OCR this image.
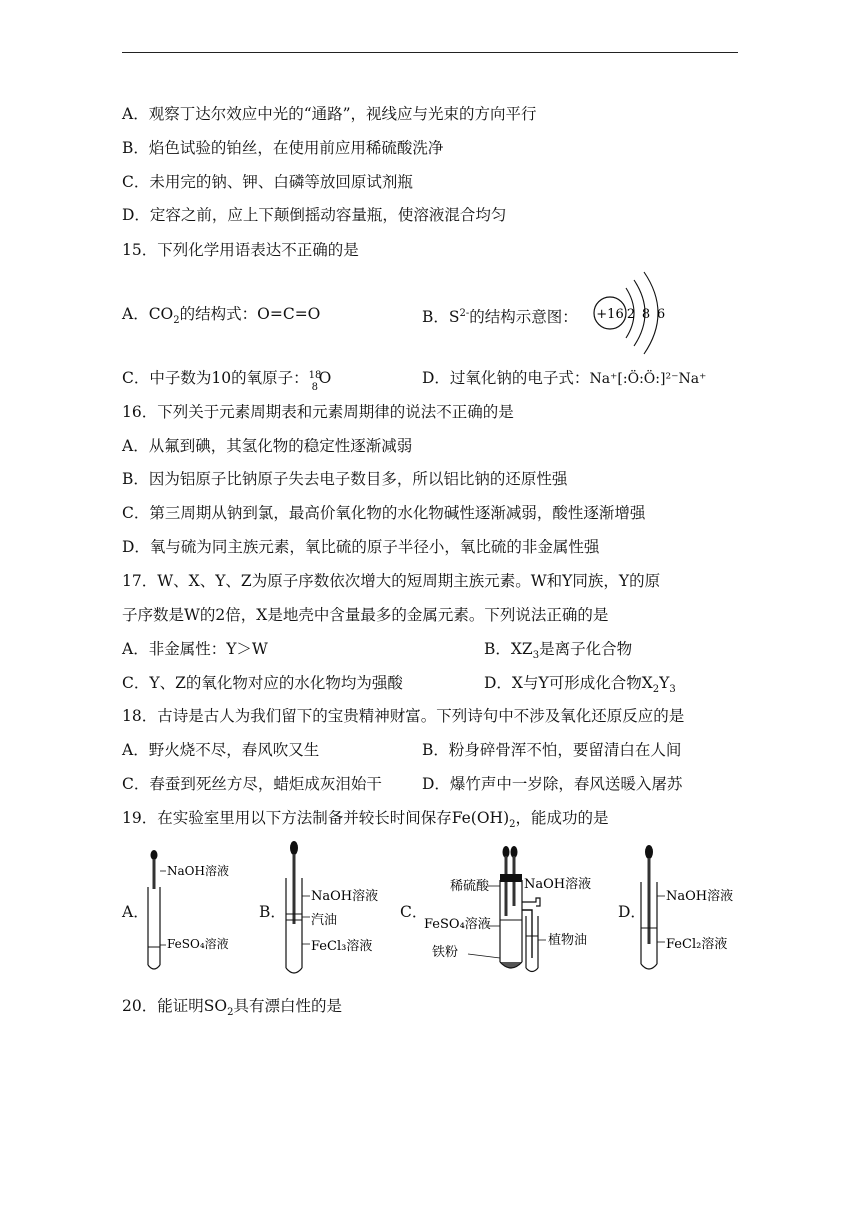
A．观察丁达尔效应中光的“通路”，视线应与光束的方向平行
B．焰色试验的铂丝，在使用前应用稀硫酸洗净
C．未用完的钠、钾、白磷等放回原试剂瓶
D．定容之前，应上下颠倒摇动容量瓶，使溶液混合均匀
15．下列化学用语表达不正确的是
A．$CO_2$的结构式：O=C=O	B．$S^{2-}$的结构示意图： +16 2 8 6
C．中子数为10的氧原子： 18
8
O	D．过氧化钠的电子式：Na⁺[:Ö:Ö:]²⁻Na⁺
16．下列关于元素周期表和元素周期律的说法不正确的是
A．从氟到碘，其氢化物的稳定性逐渐减弱
B．因为铝原子比钠原子失去电子数目多，所以铝比钠的还原性强
C．第三周期从钠到氯，最高价氧化物的水化物碱性逐渐减弱，酸性逐渐增强
D．氧与硫为同主族元素，氧比硫的原子半径小，氧比硫的非金属性强
17．W、X、Y、Z为原子序数依次增大的短周期主族元素。W和Y同族，Y的原
子序数是W的2倍，X是地壳中含量最多的金属元素。下列说法正确的是
A．非金属性：Y＞W	B．$XZ_3$是离子化合物
C．Y、Z的氧化物对应的水化物均为强酸	D．X与Y可形成化合物$X_2Y_3$
18．古诗是古人为我们留下的宝贵精神财富。下列诗句中不涉及氧化还原反应的是
A．野火烧不尽，春风吹又生	B．粉身碎骨浑不怕，要留清白在人间
C．春蚕到死丝方尽，蜡炬成灰泪始干	D．爆竹声中一岁除，春风送暖入屠苏
19．在实验室里用以下方法制备并较长时间保存$Fe(OH)_2$，能成功的是
A．	B．	C．	D．
NaOH溶液
FeSO₄溶液
NaOH溶液
汽油
FeCl₃溶液
稀硫酸
FeSO₄溶液
铁粉
NaOH溶液
植物油
NaOH溶液
FeCl₂溶液
20．能证明$SO_2$具有漂白性的是
